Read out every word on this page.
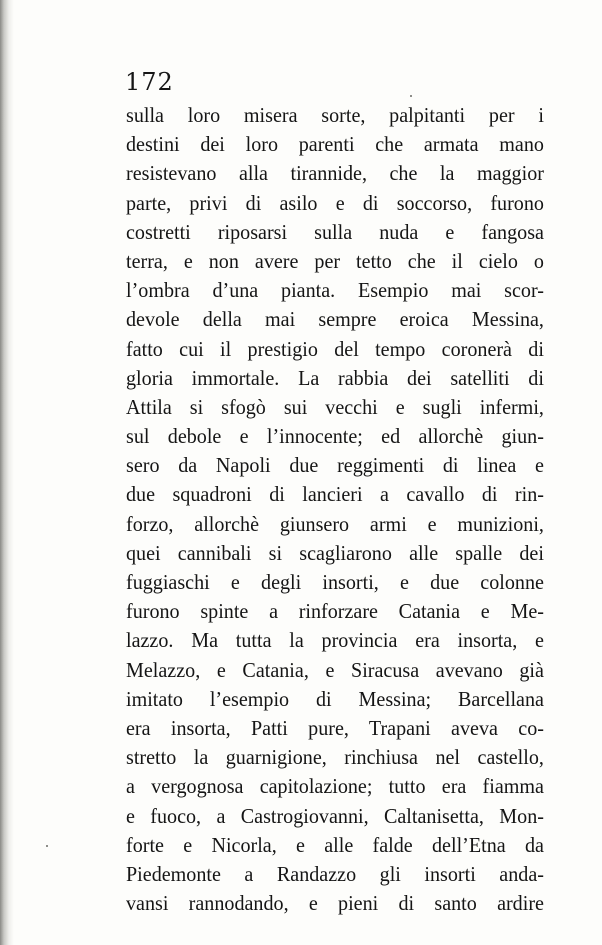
172
sulla loro misera sorte, palpitanti per i
destini dei loro parenti che armata mano
resistevano alla tirannide, che la maggior
parte, privi di asilo e di soccorso, furono
costretti riposarsi sulla nuda e fangosa
terra, e non avere per tetto che il cielo o
l’ombra d’una pianta. Esempio mai scor-
devole della mai sempre eroica Messina,
fatto cui il prestigio del tempo coronerà di
gloria immortale. La rabbia dei satelliti di
Attila si sfogò sui vecchi e sugli infermi,
sul debole e l’innocente; ed allorchè giun-
sero da Napoli due reggimenti di linea e
due squadroni di lancieri a cavallo di rin-
forzo, allorchè giunsero armi e munizioni,
quei cannibali si scagliarono alle spalle dei
fuggiaschi e degli insorti, e due colonne
furono spinte a rinforzare Catania e Me-
lazzo. Ma tutta la provincia era insorta, e
Melazzo, e Catania, e Siracusa avevano già
imitato l’esempio di Messina; Barcellana
era insorta, Patti pure, Trapani aveva co-
stretto la guarnigione, rinchiusa nel castello,
a vergognosa capitolazione; tutto era fiamma
e fuoco, a Castrogiovanni, Caltanisetta, Mon-
forte e Nicorla, e alle falde dell’Etna da
Piedemonte a Randazzo gli insorti anda-
vansi rannodando, e pieni di santo ardire
